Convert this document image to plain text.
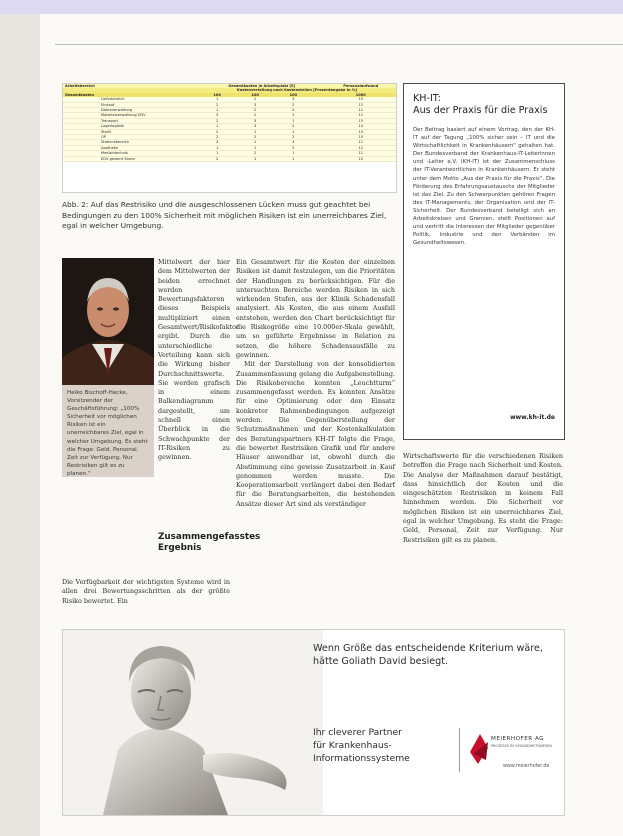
Arbeitsbereich	Gesamtkosten je Arbeitsplatz [€]				Personalaufwand
	Kostenverteilung nach Kostenstellen [Prozentangabe in %]				
Gesamtkosten	100	100	100		1000
Lieferbereich	1	2	3		10
Einkauf	2	3	2		12
Datenverwaltung	1	2	2		11
Materialverwaltung/ EDV	3	2	1		12
Transport	2	3	1		15
Lagerlogistik	1	3	2		14
Sterili	2	1	1		13
OP	2	2	2		10
Stationsbereich	3	1	3		11
Apotheke	1	1	2		12
Medizintechnik	1	2	1		11
EDV gesamt Strom	2	1	1		10
Abb. 2: Auf das Restrisiko und die ausgeschlossenen Lücken muss gut geachtet bei Bedingungen zu den 100% Sicherheit mit möglichen Risiken ist ein unerreichbares Ziel, egal in welcher Umgebung.

Heiko Bischoff-Hecke, Vorsitzender der Geschäftsführung: „100% Sicherheit vor möglichen Risiken ist ein unerreichbares Ziel, egal in welcher Umgebung. Es steht die Frage: Geld, Personal, Zeit zur Verfügung. Nur Restrisiken gilt es zu planen.“

Mittelwert der hier dem Mittelwerten der beiden errechnet werden Bewertungsfaktoren dieses Beispiels multipliziert einen Gesamtwert/Risikofaktor ergibt. Durch die unterschiedliche Verteilung kann sich die Wirkung bisher Durchschnittswerte. Sie werden grafisch in einem Balkendiagramm dargestellt, um schnell einen Überblick in die Schwachpunkte der IT-Risiken zu gewinnen.

Zusammengefasstes Ergebnis

Die Verfügbarkeit der wichtigsten Systeme wird in allen drei Bewertungsschritten als der größte Risiko bewertet. Ein

Ein Gesamtwert für die Kosten der einzelnen Risiken ist damit festzulegen, um die Prioritäten der Handlungen zu berücksichtigen. Für die untersuchten Bereiche werden Risiken in sich wirkenden Stufen, aus der Klinik Schadensfall analysiert. Als Kosten, die aus einem Ausfall entstehen, werden den Chart berücksichtigt für die Risikogröße eine 10.000er-Skala gewählt, um so geführte Ergebnisse in Relation zu setzen, die höhere Schadensausfälle zu gewinnen.

Mit der Darstellung von der konsolidierten Zusammenfassung gelang die Aufgabenstellung. Die Risikobereiche konnten „Leuchtturm“ zusammengefasst werden. Es konnten Ansätze für eine Optimierung oder den Einsatz konkreter Rahmenbedingungen aufgezeigt werden. Die Gegenüberstellung der Schutzmaßnahmen und der Kostenkalkulation des Beratungspartners KH-IT folgte die Frage, die bewertet Restrisiken Grafik und für andere Häuser anwendbar ist, obwohl durch die Abstimmung eine gewisse Zusatzarbeit in Kauf genommen werden musste. Die Kooperationsarbeit verlängert dabei den Bedarf für die Beratungsarbeiten, die bestehenden Ansätze dieser Art sind als verständiger

Wirtschaftswerte für die verschiedenen Risiken betreffen die Frage nach Sicherheit und Kosten. Die Analyse der Maßnahmen darauf bestätigt, dass hinsichtlich der Kosten und die eingeschätzten Restrisiken in keinem Fall hinnehmen werden. Die Sicherheit vor möglichen Risiken ist ein unerreichbares Ziel, egal in welcher Umgebung. Es steht die Frage: Geld, Personal, Zeit zur Verfügung. Nur Restrisiken gilt es zu planen.

KH-IT:
Aus der Praxis für die Praxis
Der Beitrag basiert auf einem Vortrag, den der KH-IT auf der Tagung „100% sicher sein – IT und die Wirtschaftlichkeit in Krankenhäusern“ gehalten hat. Der Bundesverband der Krankenhaus-IT-Leiterinnen und -Leiter e.V. (KH-IT) ist der Zusammenschluss der IT-Verantwortlichen in Krankenhäusern. Er steht unter dem Motto „Aus der Praxis für die Praxis“. Die Förderung des Erfahrungsaustauschs der Mitglieder ist das Ziel. Zu den Schwerpunkten gehören Fragen des IT-Managements, der Organisation und der IT-Sicherheit. Der Bundesverband beteiligt sich an Arbeitskreisen und Gremien, stellt Positionen auf und vertritt die Interessen der Mitglieder gegenüber Politik, Industrie und den Verbänden im Gesundheitswesen.
www.kh-it.de
Wenn Größe das entscheidende Kriterium wäre,
hätte Goliath David besiegt.
Ihr cleverer Partner
für Krankenhaus-
Informationssysteme
MEIERHOFER AG
PROZESSE IM GESUNDHEITSWESEN
www.meierhofer.de
